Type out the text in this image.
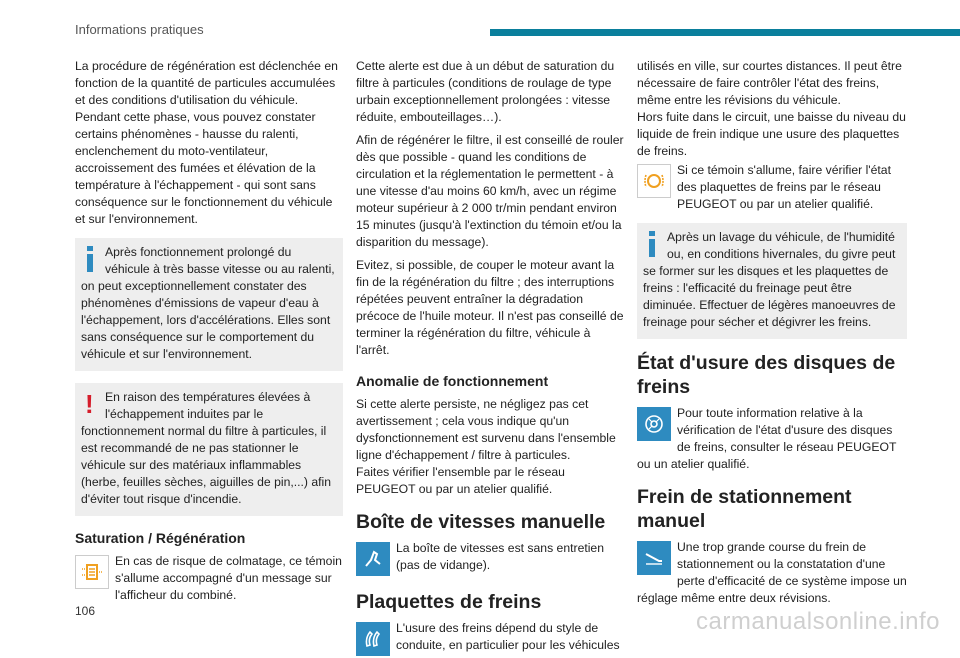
Informations pratiques

La procédure de régénération est déclenchée en fonction de la quantité de particules accumulées et des conditions d'utilisation du véhicule. Pendant cette phase, vous pouvez constater certains phénomènes - hausse du ralenti, enclenchement du moto-ventilateur, accroissement des fumées et élévation de la température à l'échappement - qui sont sans conséquence sur le fonctionnement du véhicule et sur l'environnement.

Après fonctionnement prolongé du véhicule à très basse vitesse ou au ralenti, on peut exceptionnellement constater des phénomènes d'émissions de vapeur d'eau à l'échappement, lors d'accélérations. Elles sont sans conséquence sur le comportement du véhicule et sur l'environnement.
! En raison des températures élevées à l'échappement induites par le fonctionnement normal du filtre à particules, il est recommandé de ne pas stationner le véhicule sur des matériaux inflammables (herbe, feuilles sèches, aiguilles de pin,...) afin d'éviter tout risque d'incendie.
Saturation / Régénération
En cas de risque de colmatage, ce témoin s'allume accompagné d'un message sur l'afficheur du combiné.

Cette alerte est due à un début de saturation du filtre à particules (conditions de roulage de type urbain exceptionnellement prolongées : vitesse réduite, embouteillages…).

Afin de régénérer le filtre, il est conseillé de rouler dès que possible - quand les conditions de circulation et la réglementation le permettent - à une vitesse d'au moins 60 km/h, avec un régime moteur supérieur à 2 000 tr/min pendant environ 15 minutes (jusqu'à l'extinction du témoin et/ou la disparition du message).

Evitez, si possible, de couper le moteur avant la fin de la régénération du filtre ; des interruptions répétées peuvent entraîner la dégradation précoce de l'huile moteur. Il n'est pas conseillé de terminer la régénération du filtre, véhicule à l'arrêt.

Anomalie de fonctionnement

Si cette alerte persiste, ne négligez pas cet avertissement ; cela vous indique qu'un dysfonctionnement est survenu dans l'ensemble ligne d'échappement / filtre à particules.

Faites vérifier l'ensemble par le réseau PEUGEOT ou par un atelier qualifié.

Boîte de vitesses manuelle
La boîte de vitesses est sans entretien (pas de vidange).
Plaquettes de freins
L'usure des freins dépend du style de conduite, en particulier pour les véhicules

utilisés en ville, sur courtes distances. Il peut être nécessaire de faire contrôler l'état des freins, même entre les révisions du véhicule.

Hors fuite dans le circuit, une baisse du niveau du liquide de frein indique une usure des plaquettes de freins.

Si ce témoin s'allume, faire vérifier l'état des plaquettes de freins par le réseau PEUGEOT ou par un atelier qualifié.
Après un lavage du véhicule, de l'humidité ou, en conditions hivernales, du givre peut se former sur les disques et les plaquettes de freins : l'efficacité du freinage peut être diminuée. Effectuer de légères manoeuvres de freinage pour sécher et dégivrer les freins.
État d'usure des disques de freins
Pour toute information relative à la vérification de l'état d'usure des disques de freins, consulter le réseau PEUGEOT ou un atelier qualifié.
Frein de stationnement manuel
Une trop grande course du frein de stationnement ou la constatation d'une perte d'efficacité de ce système impose un réglage même entre deux révisions.
106	carmanualsonline.info
